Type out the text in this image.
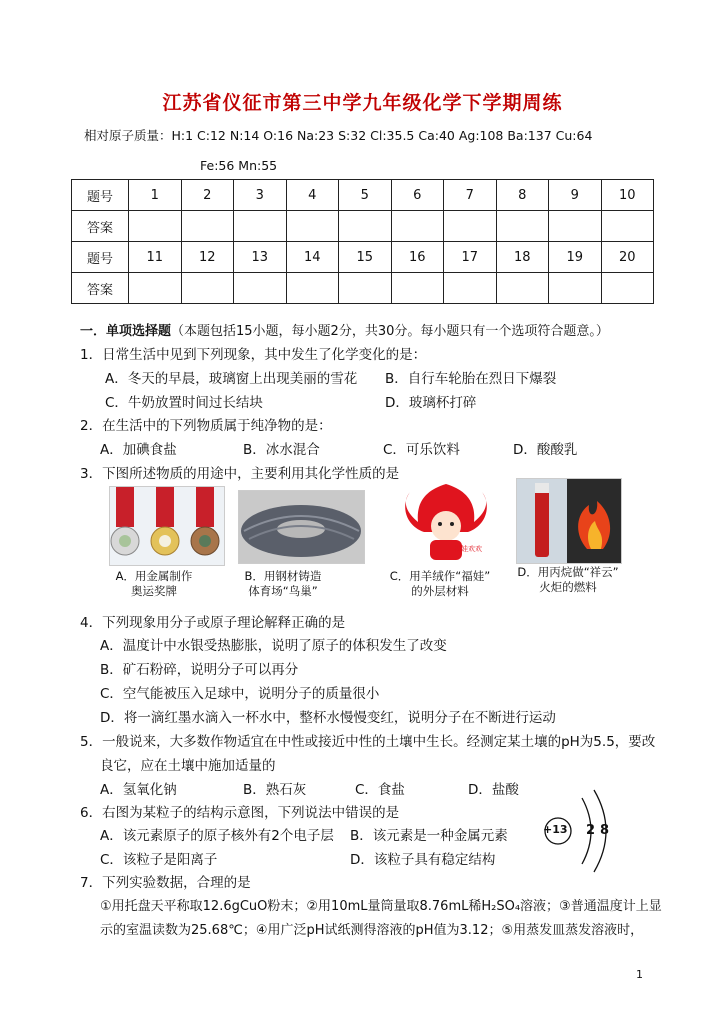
江苏省仪征市第三中学九年级化学下学期周练
相对原子质量：H:1 C:12 N:14 O:16 Na:23 S:32 Cl:35.5 Ca:40 Ag:108 Ba:137 Cu:64
Fe:56 Mn:55
题号	1	2	3	4	5	6	7	8	9	10
答案										
题号	11	12	13	14	15	16	17	18	19	20
答案										
一．单项选择题（本题包括15小题，每小题2分，共30分。每小题只有一个选项符合题意。）
1．日常生活中见到下列现象，其中发生了化学变化的是：
A．冬天的早晨，玻璃窗上出现美丽的雪花 B．自行车轮胎在烈日下爆裂
C．牛奶放置时间过长结块	D．玻璃杯打碎
2．在生活中的下列物质属于纯净物的是：
A．加碘食盐	B．冰水混合	C．可乐饮料	D．酸酸乳
3．下图所述物质的用途中，主要利用其化学性质的是
福娃欢欢
A．用金属制作
奥运奖牌
B．用钢材铸造
体育场“鸟巢”
C．用羊绒作“福娃”
的外层材料
D．用丙烷做“祥云”
火炬的燃料
4．下列现象用分子或原子理论解释正确的是
A．温度计中水银受热膨胀，说明了原子的体积发生了改变
B．矿石粉碎，说明分子可以再分
C．空气能被压入足球中，说明分子的质量很小
D．将一滴红墨水滴入一杯水中，整杯水慢慢变红，说明分子在不断进行运动
5．一般说来，大多数作物适宜在中性或接近中性的土壤中生长。经测定某土壤的pH为5.5，要改
良它，应在土壤中施加适量的
A．氢氧化钠	B．熟石灰	C．食盐	D．盐酸
6．右图为某粒子的结构示意图，下列说法中错误的是
A．该元素原子的原子核外有2个电子层 B．该元素是一种金属元素
C．该粒子是阳离子	D．该粒子具有稳定结构
+13 2 8
7．下列实验数据，合理的是
①用托盘天平称取12.6gCuO粉末；②用10mL量筒量取8.76mL稀H₂SO₄溶液；③普通温度计上显
示的室温读数为25.68℃；④用广泛pH试纸测得溶液的pH值为3.12；⑤用蒸发皿蒸发溶液时，
1
